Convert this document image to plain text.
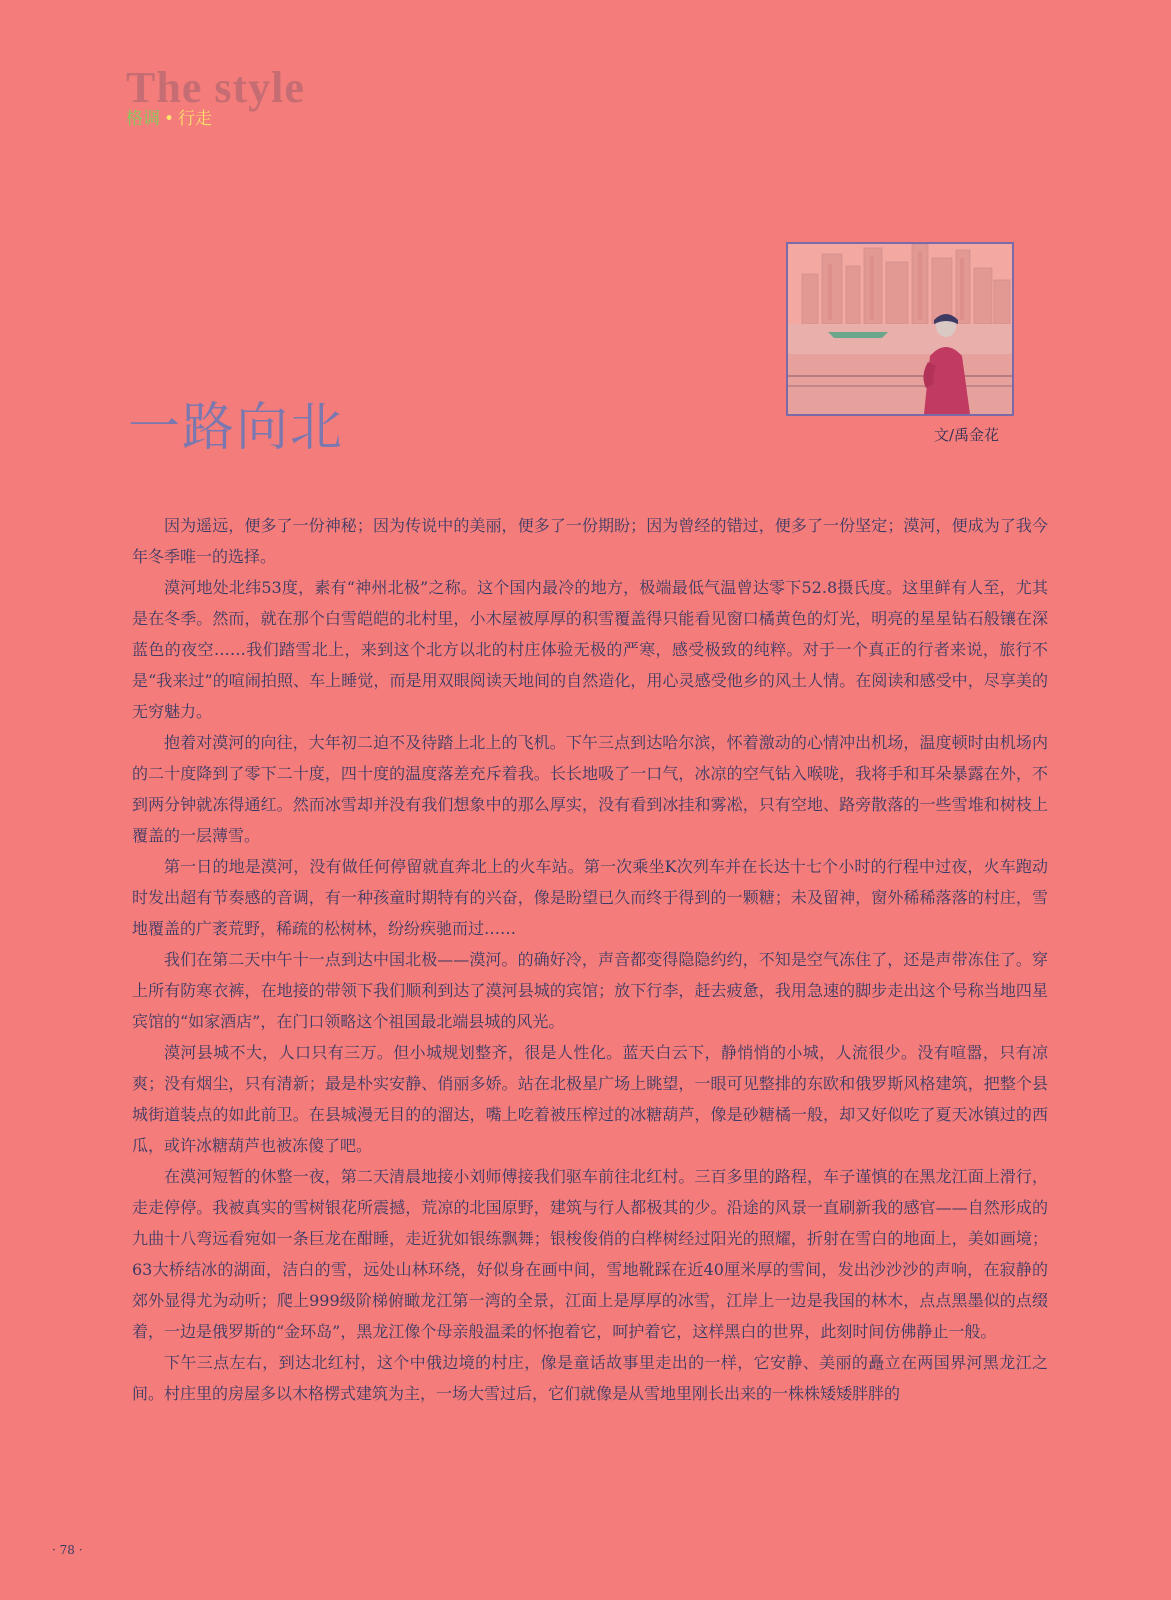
The style
格调 • 行走
一路向北	文/禹金花

因为遥远，便多了一份神秘；因为传说中的美丽，便多了一份期盼；因为曾经的错过，便多了一份坚定；漠河，便成为了我今年冬季唯一的选择。

漠河地处北纬53度，素有“神州北极”之称。这个国内最冷的地方，极端最低气温曾达零下52.8摄氏度。这里鲜有人至，尤其是在冬季。然而，就在那个白雪皑皑的北村里，小木屋被厚厚的积雪覆盖得只能看见窗口橘黄色的灯光，明亮的星星钻石般镶在深蓝色的夜空……我们踏雪北上，来到这个北方以北的村庄体验无极的严寒，感受极致的纯粹。对于一个真正的行者来说，旅行不是“我来过”的喧闹拍照、车上睡觉，而是用双眼阅读天地间的自然造化，用心灵感受他乡的风土人情。在阅读和感受中，尽享美的无穷魅力。

抱着对漠河的向往，大年初二迫不及待踏上北上的飞机。下午三点到达哈尔滨，怀着激动的心情冲出机场，温度顿时由机场内的二十度降到了零下二十度，四十度的温度落差充斥着我。长长地吸了一口气，冰凉的空气钻入喉咙，我将手和耳朵暴露在外，不到两分钟就冻得通红。然而冰雪却并没有我们想象中的那么厚实，没有看到冰挂和雾凇，只有空地、路旁散落的一些雪堆和树枝上覆盖的一层薄雪。

第一日的地是漠河，没有做任何停留就直奔北上的火车站。第一次乘坐K次列车并在长达十七个小时的行程中过夜，火车跑动时发出超有节奏感的音调，有一种孩童时期特有的兴奋，像是盼望已久而终于得到的一颗糖；未及留神，窗外稀稀落落的村庄，雪地覆盖的广袤荒野，稀疏的松树林，纷纷疾驰而过……

我们在第二天中午十一点到达中国北极——漠河。的确好冷，声音都变得隐隐约约，不知是空气冻住了，还是声带冻住了。穿上所有防寒衣裤，在地接的带领下我们顺利到达了漠河县城的宾馆；放下行李，赶去疲惫，我用急速的脚步走出这个号称当地四星宾馆的“如家酒店”，在门口领略这个祖国最北端县城的风光。

漠河县城不大，人口只有三万。但小城规划整齐，很是人性化。蓝天白云下，静悄悄的小城，人流很少。没有喧嚣，只有凉爽；没有烟尘，只有清新；最是朴实安静、俏丽多娇。站在北极星广场上眺望，一眼可见整排的东欧和俄罗斯风格建筑，把整个县城街道装点的如此前卫。在县城漫无目的的溜达，嘴上吃着被压榨过的冰糖葫芦，像是砂糖橘一般，却又好似吃了夏天冰镇过的西瓜，或许冰糖葫芦也被冻傻了吧。

在漠河短暂的休整一夜，第二天清晨地接小刘师傅接我们驱车前往北红村。三百多里的路程，车子谨慎的在黑龙江面上滑行，走走停停。我被真实的雪树银花所震撼，荒凉的北国原野，建筑与行人都极其的少。沿途的风景一直刷新我的感官——自然形成的九曲十八弯远看宛如一条巨龙在酣睡，走近犹如银练飘舞；银梭俊俏的白桦树经过阳光的照耀，折射在雪白的地面上，美如画境；63大桥结冰的湖面，洁白的雪，远处山林环绕，好似身在画中间，雪地靴踩在近40厘米厚的雪间，发出沙沙沙的声响，在寂静的郊外显得尤为动听；爬上999级阶梯俯瞰龙江第一湾的全景，江面上是厚厚的冰雪，江岸上一边是我国的林木，点点黑墨似的点缀着，一边是俄罗斯的“金环岛”，黑龙江像个母亲般温柔的怀抱着它，呵护着它，这样黑白的世界，此刻时间仿佛静止一般。

下午三点左右，到达北红村，这个中俄边境的村庄，像是童话故事里走出的一样，它安静、美丽的矗立在两国界河黑龙江之间。村庄里的房屋多以木格楞式建筑为主，一场大雪过后，它们就像是从雪地里刚长出来的一株株矮矮胖胖的

· 78 ·
